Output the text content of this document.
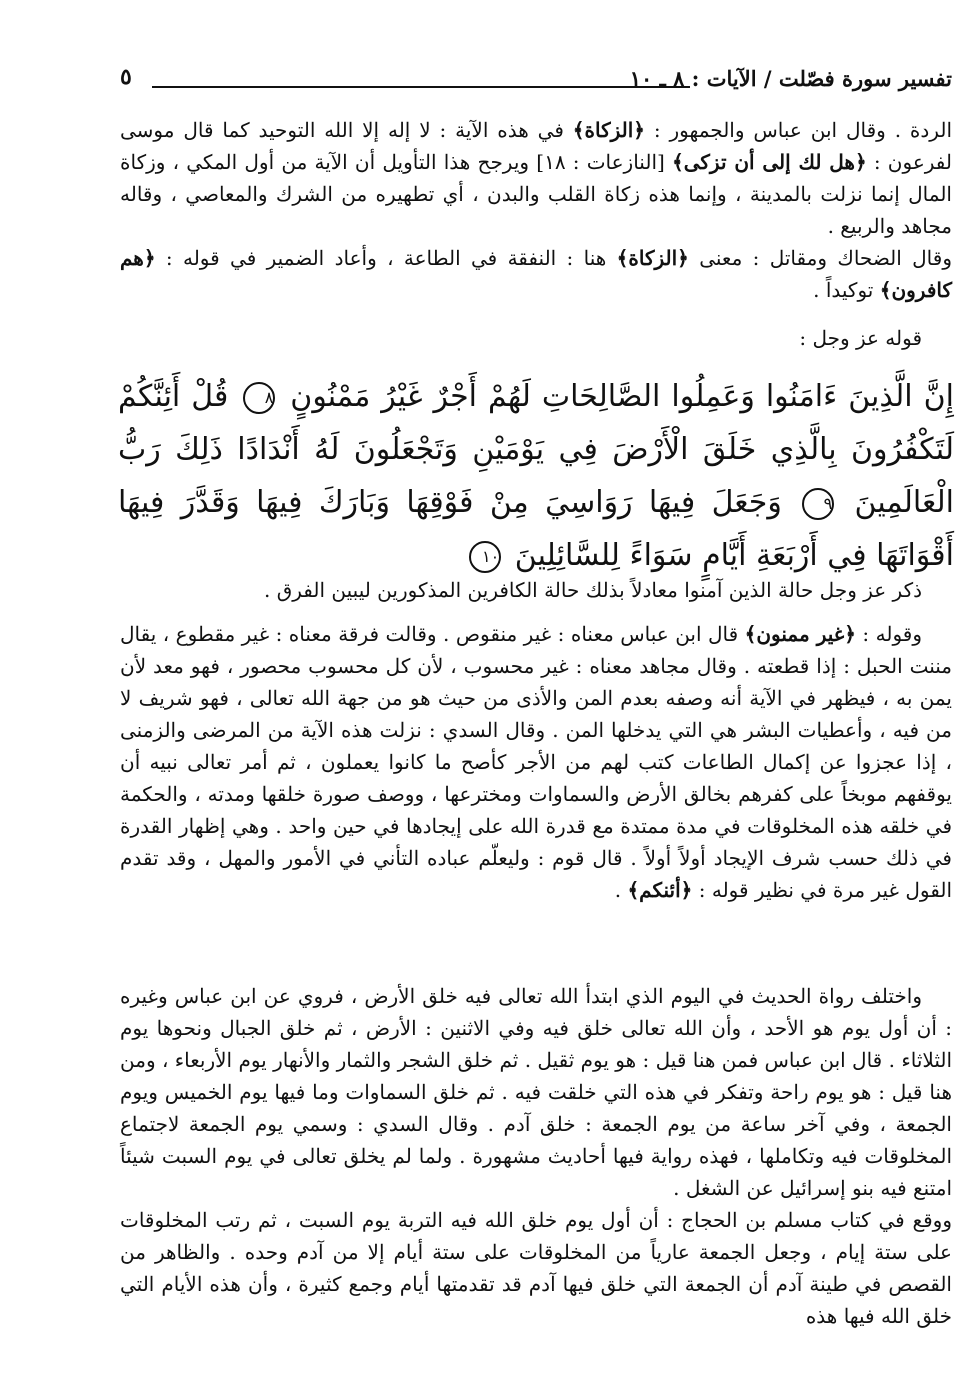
تفسير سورة فصّلت / الآيات : ٨ ـ ١٠
٥

الردة . وقال ابن عباس والجمهور : ﴿الزكاة﴾ في هذه الآية : لا إله إلا الله التوحيد كما قال موسى لفرعون : ﴿هل لك إلى أن تزكى﴾ [النازعات : ١٨] ويرجح هذا التأويل أن الآية من أول المكي ، وزكاة المال إنما نزلت بالمدينة ، وإنما هذه زكاة القلب والبدن ، أي تطهيره من الشرك والمعاصي ، وقاله مجاهد والربيع .

وقال الضحاك ومقاتل : معنى ﴿الزكاة﴾ هنا : النفقة في الطاعة ، وأعاد الضمير في قوله : ﴿هم كافرون﴾ توكيداً .

قوله عز وجل :

إِنَّ الَّذِينَ ءَامَنُوا وَعَمِلُوا الصَّالِحَاتِ لَهُمْ أَجْرٌ غَيْرُ مَمْنُونٍ ٨ قُلْ أَئِنَّكُمْ لَتَكْفُرُونَ بِالَّذِي خَلَقَ الْأَرْضَ فِي يَوْمَيْنِ وَتَجْعَلُونَ لَهُ أَنْدَادًا ذَلِكَ رَبُّ الْعَالَمِينَ ٩ وَجَعَلَ فِيهَا رَوَاسِيَ مِنْ فَوْقِهَا وَبَارَكَ فِيهَا وَقَدَّرَ فِيهَا أَقْوَاتَهَا فِي أَرْبَعَةِ أَيَّامٍ سَوَاءً لِلسَّائِلِينَ ١٠

ذكر عز وجل حالة الذين آمنوا معادلاً بذلك حالة الكافرين المذكورين ليبين الفرق .

وقوله : ﴿غير ممنون﴾ قال ابن عباس معناه : غير منقوص . وقالت فرقة معناه : غير مقطوع ، يقال مننت الحبل : إذا قطعته . وقال مجاهد معناه : غير محسوب ، لأن كل محسوب محصور ، فهو معد لأن يمن به ، فيظهر في الآية أنه وصفه بعدم المن والأذى من حيث هو من جهة الله تعالى ، فهو شريف لا من فيه ، وأعطيات البشر هي التي يدخلها المن . وقال السدي : نزلت هذه الآية من المرضى والزمنى ، إذا عجزوا عن إكمال الطاعات كتب لهم من الأجر كأصح ما كانوا يعملون ، ثم أمر تعالى نبيه أن يوقفهم موبخاً على كفرهم بخالق الأرض والسماوات ومخترعها ، ووصف صورة خلقها ومدته ، والحكمة في خلقه هذه المخلوقات في مدة ممتدة مع قدرة الله على إيجادها في حين واحد . وهي إظهار القدرة في ذلك حسب شرف الإيجاد أولاً أولاً . قال قوم : وليعلّم عباده التأني في الأمور والمهل ، وقد تقدم القول غير مرة في نظير قوله : ﴿أئنكم﴾ .

واختلف رواة الحديث في اليوم الذي ابتدأ الله تعالى فيه خلق الأرض ، فروي عن ابن عباس وغيره : أن أول يوم هو الأحد ، وأن الله تعالى خلق فيه وفي الاثنين : الأرض ، ثم خلق الجبال ونحوها يوم الثلاثاء . قال ابن عباس فمن هنا قيل : هو يوم ثقيل . ثم خلق الشجر والثمار والأنهار يوم الأربعاء ، ومن هنا قيل : هو يوم راحة وتفكر في هذه التي خلقت فيه . ثم خلق السماوات وما فيها يوم الخميس ويوم الجمعة ، وفي آخر ساعة من يوم الجمعة : خلق آدم . وقال السدي : وسمي يوم الجمعة لاجتماع المخلوقات فيه وتكاملها ، فهذه رواية فيها أحاديث مشهورة . ولما لم يخلق تعالى في يوم السبت شيئاً امتنع فيه بنو إسرائيل عن الشغل .

ووقع في كتاب مسلم بن الحجاج : أن أول يوم خلق الله فيه التربة يوم السبت ، ثم رتب المخلوقات على ستة إيام ، وجعل الجمعة عارياً من المخلوقات على ستة أيام إلا من آدم وحده . والظاهر من القصص في طينة آدم أن الجمعة التي خلق فيها آدم قد تقدمتها أيام وجمع كثيرة ، وأن هذه الأيام التي خلق الله فيها هذه
